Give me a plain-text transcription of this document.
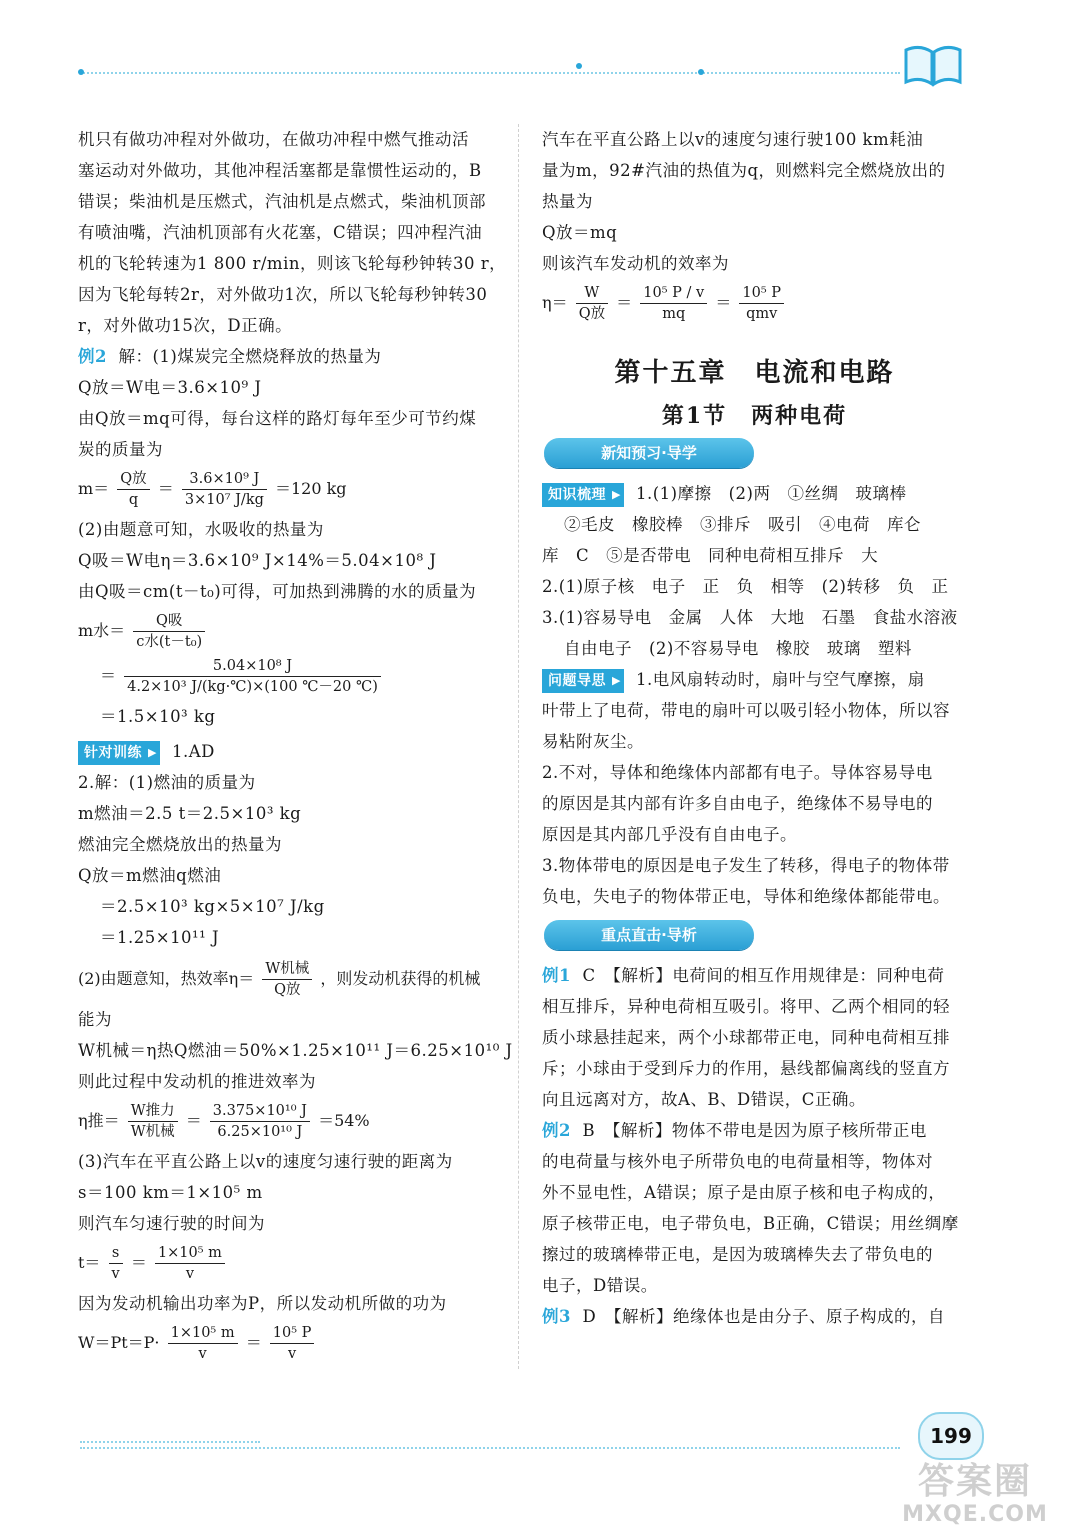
机只有做功冲程对外做功，在做功冲程中燃气推动活
塞运动对外做功，其他冲程活塞都是靠惯性运动的，B
错误；柴油机是压燃式，汽油机是点燃式，柴油机顶部
有喷油嘴，汽油机顶部有火花塞，C错误；四冲程汽油
机的飞轮转速为1 800 r/min，则该飞轮每秒钟转30 r，
因为飞轮每转2r，对外做功1次，所以飞轮每秒钟转30
r，对外做功15次，D正确。
例2 解：(1)煤炭完全燃烧释放的热量为
Q放＝W电＝3.6×10⁹ J
由Q放＝mq可得，每台这样的路灯每年至少可节约煤
炭的质量为
$m= \frac{\text{Q放}}{q} = \frac{\text{3.6×10⁹ J}}{\text{3×10⁷ J/kg}} =120$ kg
(2)由题意可知，水吸收的热量为
Q吸＝W电η＝3.6×10⁹ J×14%＝5.04×10⁸ J
由Q吸＝cm(t－t₀)可得，可加热到沸腾的水的质量为
m水＝ $\frac{\text{Q吸}}{\text{c水(t－t₀)}}$
＝ $\frac{\text{5.04×10⁸ J}}{\text{4.2×10³ J/(kg·℃)×(100 ℃－20 ℃)}}$
＝1.5×10³ kg
针对训练 ▶ 1.AD
2.解：(1)燃油的质量为
m燃油＝2.5 t＝2.5×10³ kg
燃油完全燃烧放出的热量为
Q放＝m燃油q燃油
＝2.5×10³ kg×5×10⁷ J/kg
＝1.25×10¹¹ J
(2)由题意知，热效率$\eta= \frac{\text{W机械}}{\text{Q放}}$ ，则发动机获得的机械
能为
W机械＝η热Q燃油＝50%×1.25×10¹¹ J＝6.25×10¹⁰ J
则此过程中发动机的推进效率为
η推＝ $\frac{\text{W推力}}{\text{W机械}} = \frac{\text{3.375×10¹⁰ J}}{\text{6.25×10¹⁰ J}} =54\%$
(3)汽车在平直公路上以v的速度匀速行驶的距离为
s＝100 km＝1×10⁵ m
则汽车匀速行驶的时间为
$t= \frac{s}{v} = \frac{\text{1×10⁵ m}}{v}$
因为发动机输出功率为P，所以发动机所做的功为
$W=Pt=P\cdot \frac{\text{1×10⁵ m}}{v} = \frac{\text{10⁵ P}}{v}$
汽车在平直公路上以v的速度匀速行驶100 km耗油
量为m，92#汽油的热值为q，则燃料完全燃烧放出的
热量为
Q放＝mq
则该汽车发动机的效率为
$\eta= \frac{W}{\text{Q放}} = \frac{\text{10⁵ P / v}}{mq} = \frac{\text{10⁵ P}}{\text{qmv}}$
第十五章　电流和电路
第1节　两种电荷
新知预习·导学
知识梳理 ▶ 1.(1)摩擦　(2)两　①丝绸　玻璃棒
②毛皮　橡胶棒　③排斥　吸引　④电荷　库仑
库　C　⑤是否带电　同种电荷相互排斥　大
2.(1)原子核　电子　正　负　相等　(2)转移　负　正
3.(1)容易导电　金属　人体　大地　石墨　食盐水溶液
自由电子　(2)不容易导电　橡胶　玻璃　塑料
问题导思 ▶ 1.电风扇转动时，扇叶与空气摩擦，扇
叶带上了电荷，带电的扇叶可以吸引轻小物体，所以容
易粘附灰尘。
2.不对，导体和绝缘体内部都有电子。导体容易导电
的原因是其内部有许多自由电子，绝缘体不易导电的
原因是其内部几乎没有自由电子。
3.物体带电的原因是电子发生了转移，得电子的物体带
负电，失电子的物体带正电，导体和绝缘体都能带电。
重点直击·导析
例1 C　【解析】电荷间的相互作用规律是：同种电荷
相互排斥，异种电荷相互吸引。将甲、乙两个相同的轻
质小球悬挂起来，两个小球都带正电，同种电荷相互排
斥；小球由于受到斥力的作用，悬线都偏离线的竖直方
向且远离对方，故A、B、D错误，C正确。
例2 B　【解析】物体不带电是因为原子核所带正电
的电荷量与核外电子所带负电的电荷量相等，物体对
外不显电性，A错误；原子是由原子核和电子构成的，
原子核带正电，电子带负电，B正确，C错误；用丝绸摩
擦过的玻璃棒带正电，是因为玻璃棒失去了带负电的
电子，D错误。
例3 D　【解析】绝缘体也是由分子、原子构成的，自
199
答案圈
MXQE.COM
